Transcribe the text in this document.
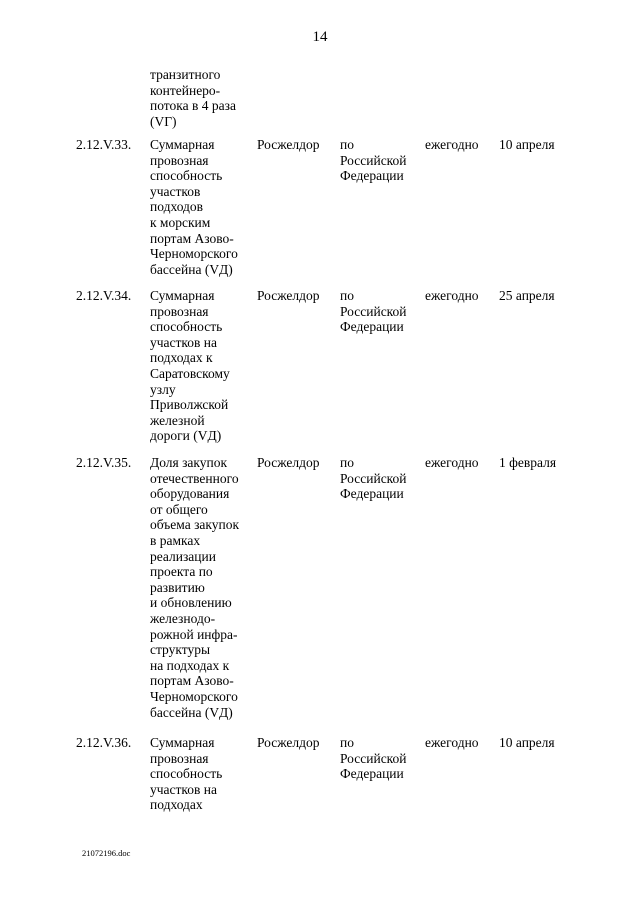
14
транзитного
контейнеро-
потока в 4 раза
(VГ)
2.12.V.33. Суммарная
провозная
способность
участков
подходов
к морским
портам Азово-
Черноморского
бассейна (VД)
Росжелдор по
Российской
Федерации
ежегодно 10 апреля
2.12.V.34. Суммарная
провозная
способность
участков на
подходах к
Саратовскому
узлу
Приволжской
железной
дороги (VД)
Росжелдор по
Российской
Федерации
ежегодно 25 апреля
2.12.V.35. Доля закупок
отечественного
оборудования
от общего
объема закупок
в рамках
реализации
проекта по
развитию
и обновлению
железнодо-
рожной инфра-
структуры
на подходах к
портам Азово-
Черноморского
бассейна (VД)
Росжелдор по
Российской
Федерации
ежегодно 1 февраля
2.12.V.36. Суммарная
провозная
способность
участков на
подходах
Росжелдор по
Российской
Федерации
ежегодно 10 апреля
21072196.doc
